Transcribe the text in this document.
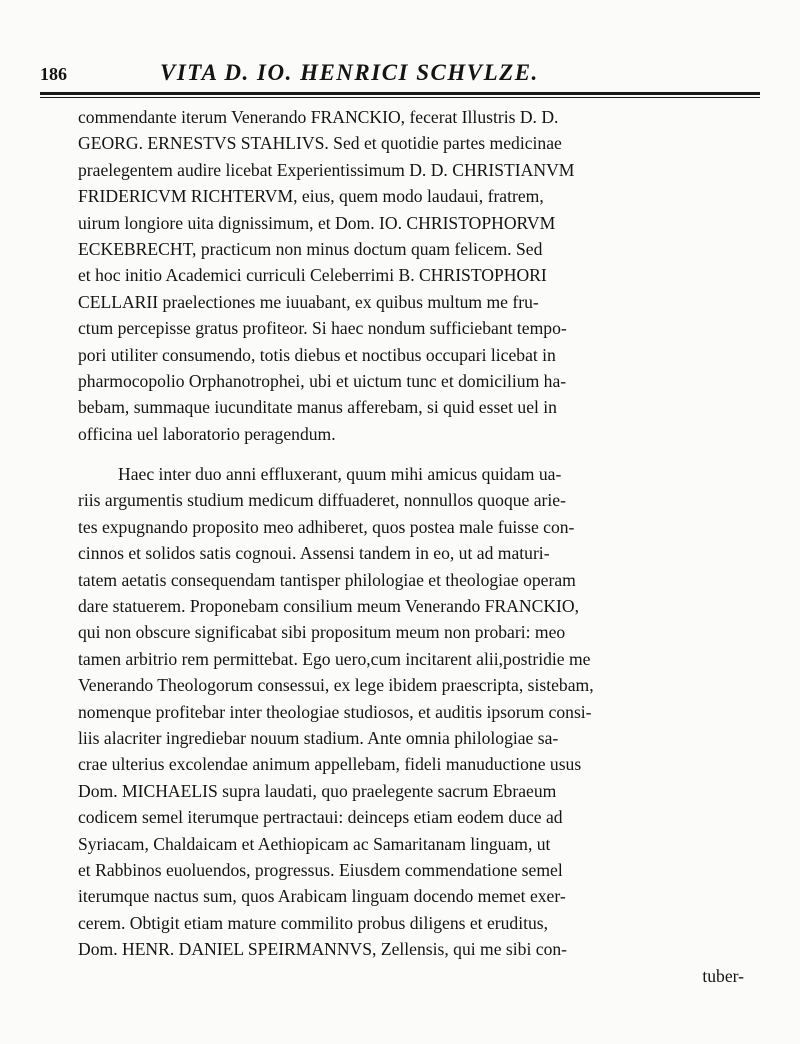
186	VITA D. IO. HENRICI SCHVLZE.
commendante iterum Venerando FRANCKIO, fecerat Illustris D. D.
GEORG. ERNESTVS STAHLIVS. Sed et quotidie partes medicinae
praelegentem audire licebat Experientissimum D. D. CHRISTIANVM
FRIDERICVM RICHTERVM, eius, quem modo laudaui, fratrem,
uirum longiore uita dignissimum, et Dom. IO. CHRISTOPHORVM
ECKEBRECHT, practicum non minus doctum quam felicem. Sed
et hoc initio Academici curriculi Celeberrimi B. CHRISTOPHORI
CELLARII praelectiones me iuuabant, ex quibus multum me fru-
ctum percepisse gratus profiteor. Si haec nondum sufficiebant tempo-
pori utiliter consumendo, totis diebus et noctibus occupari licebat in
pharmocopolio Orphanotrophei, ubi et uictum tunc et domicilium ha-
bebam, summaque iucunditate manus afferebam, si quid esset uel in
officina uel laboratorio peragendum.
Haec inter duo anni effluxerant, quum mihi amicus quidam ua-
riis argumentis studium medicum diffuaderet, nonnullos quoque arie-
tes expugnando proposito meo adhiberet, quos postea male fuisse con-
cinnos et solidos satis cognoui. Assensi tandem in eo, ut ad maturi-
tatem aetatis consequendam tantisper philologiae et theologiae operam
dare statuerem. Proponebam consilium meum Venerando FRANCKIO,
qui non obscure significabat sibi propositum meum non probari: meo
tamen arbitrio rem permittebat. Ego uero,cum incitarent alii,postridie me
Venerando Theologorum consessui, ex lege ibidem praescripta, sistebam,
nomenque profitebar inter theologiae studiosos, et auditis ipsorum consi-
liis alacriter ingrediebar nouum stadium. Ante omnia philologiae sa-
crae ulterius excolendae animum appellebam, fideli manuductione usus
Dom. MICHAELIS supra laudati, quo praelegente sacrum Ebraeum
codicem semel iterumque pertractaui: deinceps etiam eodem duce ad
Syriacam, Chaldaicam et Aethiopicam ac Samaritanam linguam, ut
et Rabbinos euoluendos, progressus. Eiusdem commendatione semel
iterumque nactus sum, quos Arabicam linguam docendo memet exer-
cerem. Obtigit etiam mature commilito probus diligens et eruditus,
Dom. HENR. DANIEL SPEIRMANNVS, Zellensis, qui me sibi con-
tuber-
